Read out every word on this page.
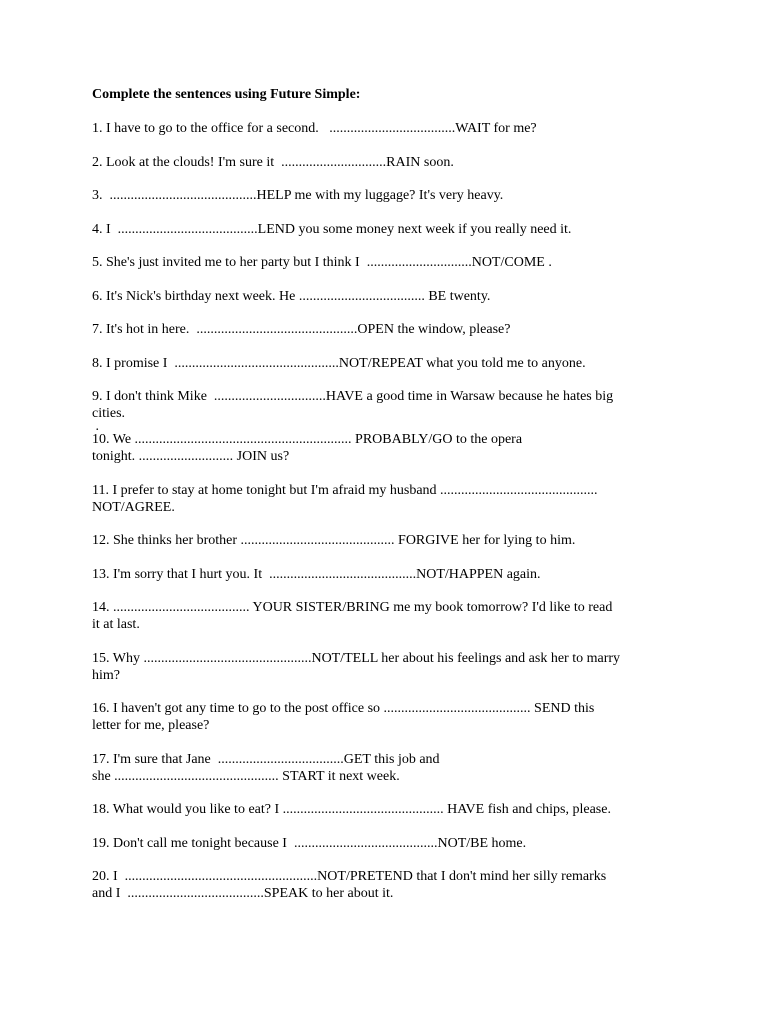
Complete the sentences using Future Simple:
1. I have to go to the office for a second.   ....................................WAIT for me?
2. Look at the clouds! I'm sure it  ..............................RAIN soon.
3.  ..........................................HELP me with my luggage? It's very heavy.
4. I  ........................................LEND you some money next week if you really need it.
5. She's just invited me to her party but I think I  ..............................NOT/COME .
6. It's Nick's birthday next week. He .................................... BE twenty.
7. It's hot in here.  ..............................................OPEN the window, please?
8. I promise I  ...............................................NOT/REPEAT what you told me to anyone.
9. I don't think Mike  ................................HAVE a good time in Warsaw because he hates big
cities.
.
10. We .............................................................. PROBABLY/GO to the opera
tonight. ........................... JOIN us?
11. I prefer to stay at home tonight but I'm afraid my husband .............................................
NOT/AGREE.
12. She thinks her brother ............................................ FORGIVE her for lying to him.
13. I'm sorry that I hurt you. It  ..........................................NOT/HAPPEN again.
14. ....................................... YOUR SISTER/BRING me my book tomorrow? I'd like to read
it at last.
15. Why ................................................NOT/TELL her about his feelings and ask her to marry
him?
16. I haven't got any time to go to the post office so .......................................... SEND this
letter for me, please?
17. I'm sure that Jane  ....................................GET this job and
she ............................................... START it next week.
18. What would you like to eat? I .............................................. HAVE fish and chips, please.
19. Don't call me tonight because I  .........................................NOT/BE home.
20. I  .......................................................NOT/PRETEND that I don't mind her silly remarks
and I  .......................................SPEAK to her about it.
